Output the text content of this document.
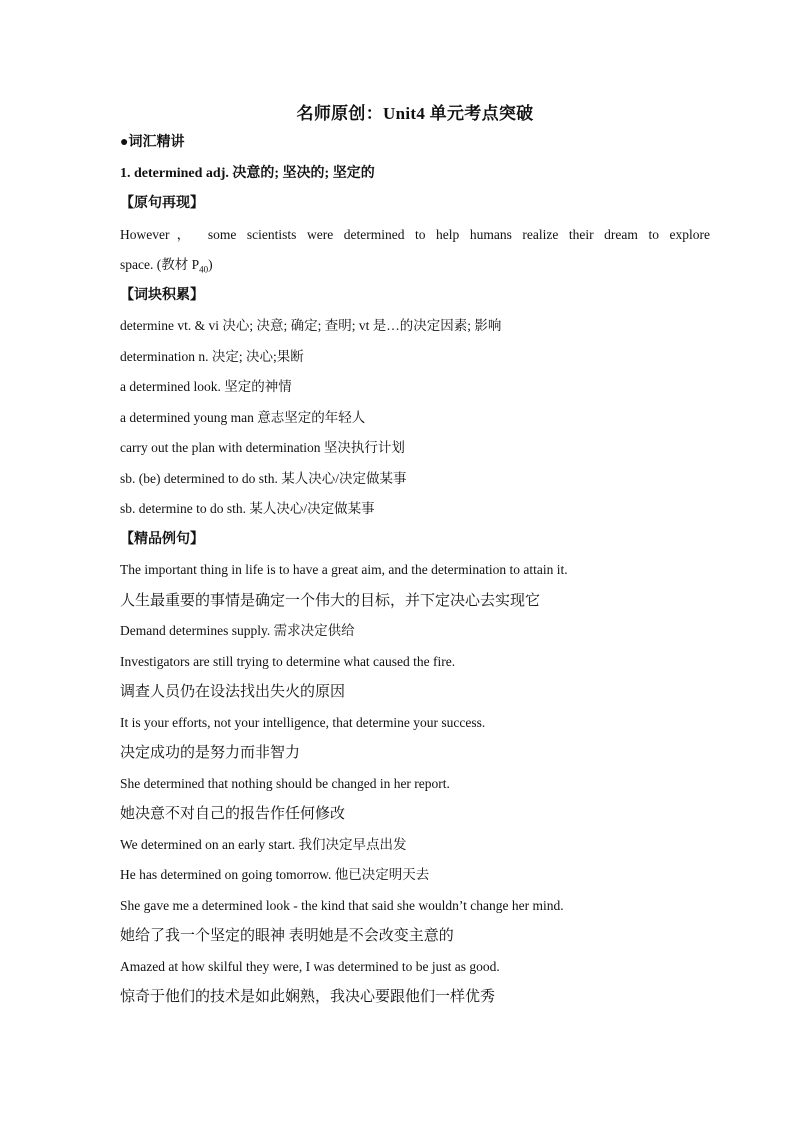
名师原创：Unit4 单元考点突破
●词汇精讲
1. determined adj. 决意的; 坚决的; 坚定的
【原句再现】
However， some scientists were determined to help humans realize their dream to explore
space. (教材 $P_{40}$)
【词块积累】
determine vt. & vi 决心; 决意; 确定; 查明; vt 是…的决定因素; 影响
determination n. 决定; 决心;果断
a determined look. 坚定的神情
a determined young man 意志坚定的年轻人
carry out the plan with determination 坚决执行计划
sb. (be) determined to do sth. 某人决心/决定做某事
sb. determine to do sth. 某人决心/决定做某事
【精品例句】
The important thing in life is to have a great aim, and the determination to attain it.
人生最重要的事情是确定一个伟大的目标，并下定决心去实现它
Demand determines supply. 需求决定供给
Investigators are still trying to determine what caused the fire.
调查人员仍在设法找出失火的原因
It is your efforts, not your intelligence, that determine your success.
决定成功的是努力而非智力
She determined that nothing should be changed in her report.
她决意不对自己的报告作任何修改
We determined on an early start. 我们决定早点出发
He has determined on going tomorrow. 他已决定明天去
She gave me a determined look - the kind that said she wouldn’t change her mind.
她给了我一个坚定的眼神 表明她是不会改变主意的
Amazed at how skilful they were, I was determined to be just as good.
惊奇于他们的技术是如此娴熟，我决心要跟他们一样优秀
